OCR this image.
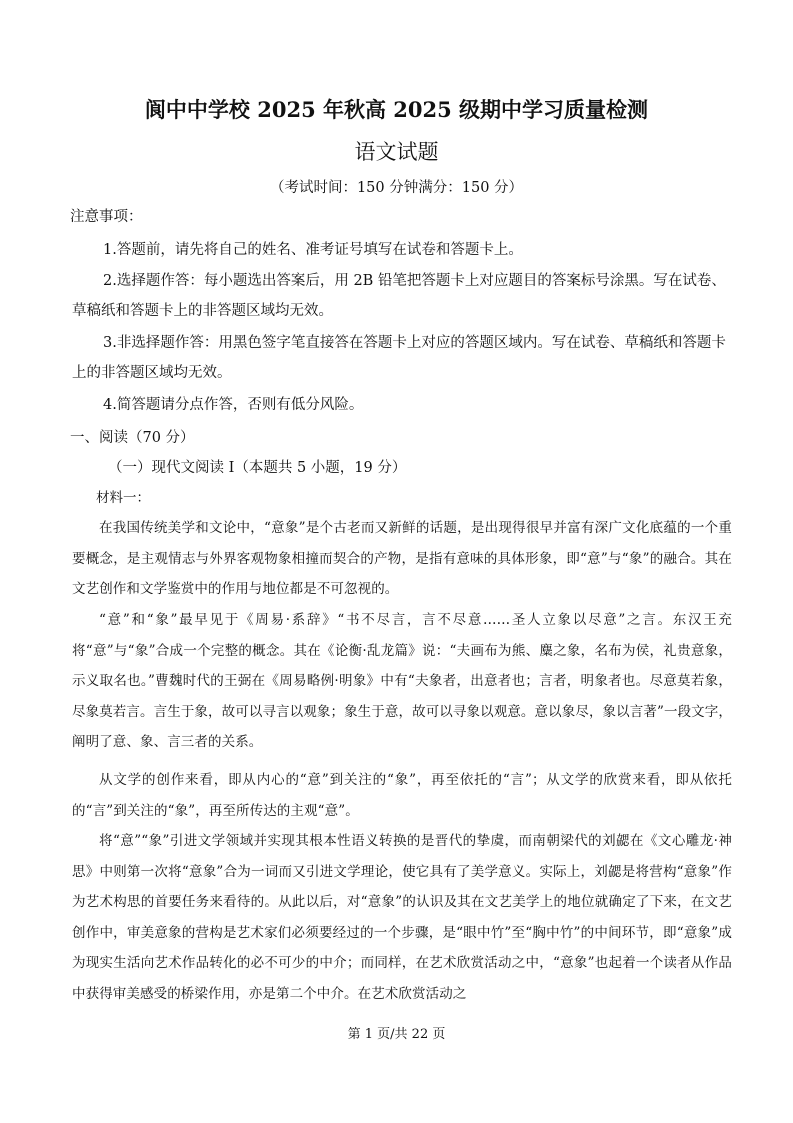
阆中中学校 2025 年秋高 2025 级期中学习质量检测
语文试题
（考试时间：150 分钟满分：150 分）
注意事项：
1.答题前，请先将自己的姓名、准考证号填写在试卷和答题卡上。
2.选择题作答：每小题选出答案后，用 2B 铅笔把答题卡上对应题目的答案标号涂黑。写在试卷、草稿纸和答题卡上的非答题区域均无效。
3.非选择题作答：用黑色签字笔直接答在答题卡上对应的答题区域内。写在试卷、草稿纸和答题卡上的非答题区域均无效。
4.简答题请分点作答，否则有低分风险。
一、阅读（70 分）
（一）现代文阅读 I（本题共 5 小题，19 分）
材料一：
在我国传统美学和文论中，“意象”是个古老而又新鲜的话题，是出现得很早并富有深广文化底蕴的一个重要概念，是主观情志与外界客观物象相撞而契合的产物，是指有意味的具体形象，即“意”与“象”的融合。其在文艺创作和文学鉴赏中的作用与地位都是不可忽视的。
“意”和“象”最早见于《周易·系辞》“书不尽言，言不尽意……圣人立象以尽意”之言。东汉王充将“意”与“象”合成一个完整的概念。其在《论衡·乱龙篇》说：“夫画布为熊、麋之象，名布为侯，礼贵意象，示义取名也。”曹魏时代的王弼在《周易略例·明象》中有“夫象者，出意者也；言者，明象者也。尽意莫若象，尽象莫若言。言生于象，故可以寻言以观象；象生于意，故可以寻象以观意。意以象尽，象以言著”一段文字，阐明了意、象、言三者的关系。
从文学的创作来看，即从内心的“意”到关注的“象”，再至依托的“言”；从文学的欣赏来看，即从依托的“言”到关注的“象”，再至所传达的主观“意”。
将“意”“象”引进文学领域并实现其根本性语义转换的是晋代的挚虞，而南朝梁代的刘勰在《文心雕龙·神思》中则第一次将“意象”合为一词而又引进文学理论，使它具有了美学意义。实际上，刘勰是将营构“意象”作为艺术构思的首要任务来看待的。从此以后，对“意象”的认识及其在文艺美学上的地位就确定了下来，在文艺创作中，审美意象的营构是艺术家们必须要经过的一个步骤，是“眼中竹”至“胸中竹”的中间环节，即“意象”成为现实生活向艺术作品转化的必不可少的中介；而同样，在艺术欣赏活动之中，“意象”也起着一个读者从作品中获得审美感受的桥梁作用，亦是第二个中介。在艺术欣赏活动之
第 1 页/共 22 页
